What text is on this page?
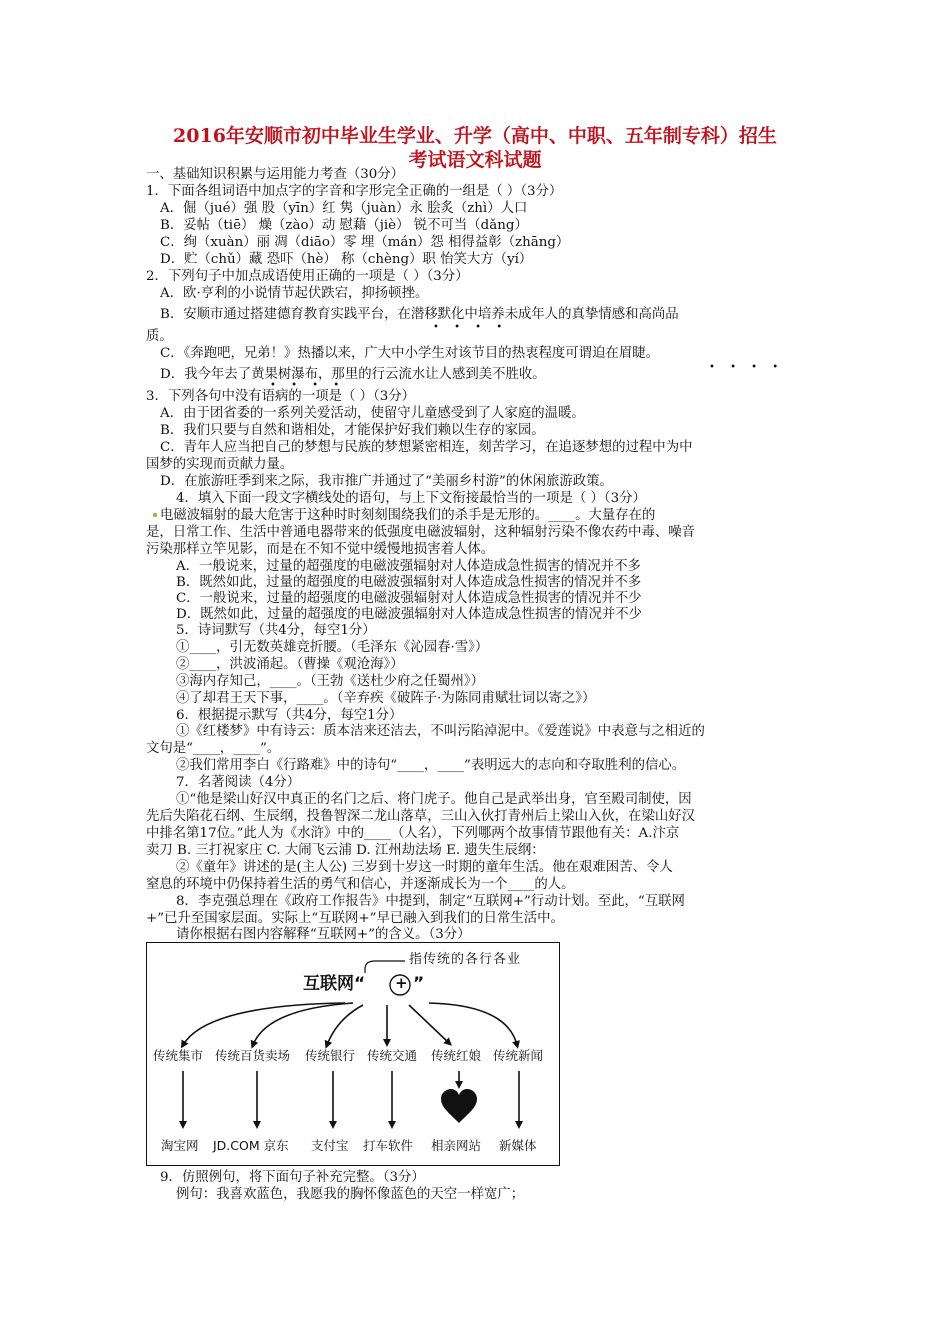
2016年安顺市初中毕业生学业、升学（高中、中职、五年制专科）招生
考试语文科试题
一、基础知识积累与运用能力考查（30分）
1．下面各组词语中加点字的字音和字形完全正确的一组是（ ）（3分）
A．倔（jué）强 股（yīn）红 隽（juàn）永 脍炙（zhì）人口
B．妥帖（tiē） 燥（zào）动 慰藉（jiè） 锐不可当（dǎng）
C．绚（xuàn）丽 凋（diāo）零 埋（mán）怨 相得益彰（zhāng）
D．贮（chǔ）藏 恐吓（hè） 称（chèng）职 怡笑大方（yí）
2．下列句子中加点成语使用正确的一项是（ ）（3分）
A．欧·亨利的小说情节起伏跌宕，抑扬顿挫。
B．安顺市通过搭建德育教育实践平台，在潜移默化中培养未成年人的真挚情感和高尚品
• • • •
质。
C．《奔跑吧，兄弟！》热播以来，广大中小学生对该节目的热衷程度可谓迫在眉睫。
• • • •
D．我今年去了黄果树瀑布，那里的行云流水让人感到美不胜收。
• • • •
3．下列各句中没有语病的一项是（ ）（3分）
A．由于团省委的一系列关爱活动，使留守儿童感受到了人家庭的温暖。
B．我们只要与自然和谐相处，才能保护好我们赖以生存的家园。
C．青年人应当把自己的梦想与民族的梦想紧密相连，刻苦学习，在追逐梦想的过程中为中
国梦的实现而贡献力量。
D．在旅游旺季到来之际，我市推广并通过了“美丽乡村游”的休闲旅游政策。
4．填入下面一段文字横线处的语句，与上下文衔接最恰当的一项是（ ）（3分）
电磁波辐射的最大危害于这种时时刻刻围绕我们的杀手是无形的。____。大量存在的
是，日常工作、生活中普通电器带来的低强度电磁波辐射，这种辐射污染不像农药中毒、噪音
污染那样立竿见影，而是在不知不觉中缓慢地损害着人体。
A．一般说来，过量的超强度的电磁波强辐射对人体造成急性损害的情况并不多
B．既然如此，过量的超强度的电磁波强辐射对人体造成急性损害的情况并不多
C．一般说来，过量的超强度的电磁波强辐射对人体造成急性损害的情况并不少
D．既然如此，过量的超强度的电磁波强辐射对人体造成急性损害的情况并不少
5．诗词默写（共4分，每空1分）
①____，引无数英雄竞折腰。（毛泽东《沁园春·雪》）
②____，洪波涌起。（曹操《观沧海》）
③海内存知己，____。（王勃《送杜少府之任蜀州》）
④了却君王天下事，____。（辛弃疾《破阵子·为陈同甫赋壮词以寄之》）
6．根据提示默写（共4分，每空1分）
①《红楼梦》中有诗云：质本洁来还洁去，不叫污陷淖泥中。《爱莲说》中表意与之相近的
文句是“____，____”。
②我们常用李白《行路难》中的诗句“____，____”表明远大的志向和夺取胜利的信心。
7．名著阅读（4分）
①“他是梁山好汉中真正的名门之后、将门虎子。他自己是武举出身，官至殿司制使，因
先后失陷花石纲、生辰纲，投鲁智深二龙山落草，三山入伙打青州后上梁山入伙，在梁山好汉
中排名第17位。”此人为《水浒》中的____（人名），下列哪两个故事情节跟他有关：A.汴京
卖刀 B. 三打祝家庄 C. 大闹飞云浦 D. 江州劫法场 E. 遗失生辰纲：
②《童年》讲述的是(主人公) 三岁到十岁这一时期的童年生活。他在艰难困苦、令人
窒息的环境中仍保持着生活的勇气和信心，并逐渐成长为一个____的人。
8．李克强总理在《政府工作报告》中提到，制定“互联网+”行动计划。至此，“互联网
+”已升至国家层面。实际上“互联网+”早已融入到我们的日常生活中。
请你根据右图内容解释“互联网+”的含义。（3分）
指传统的各行各业
互联网“ + ”
传统集市 传统百货卖场 传统银行 传统交通 传统红娘 传统新闻
淘宝网 JD.COM 京东 支付宝 打车软件 相亲网站 新媒体
9．仿照例句，将下面句子补充完整。（3分）
例句：我喜欢蓝色，我愿我的胸怀像蓝色的天空一样宽广；
